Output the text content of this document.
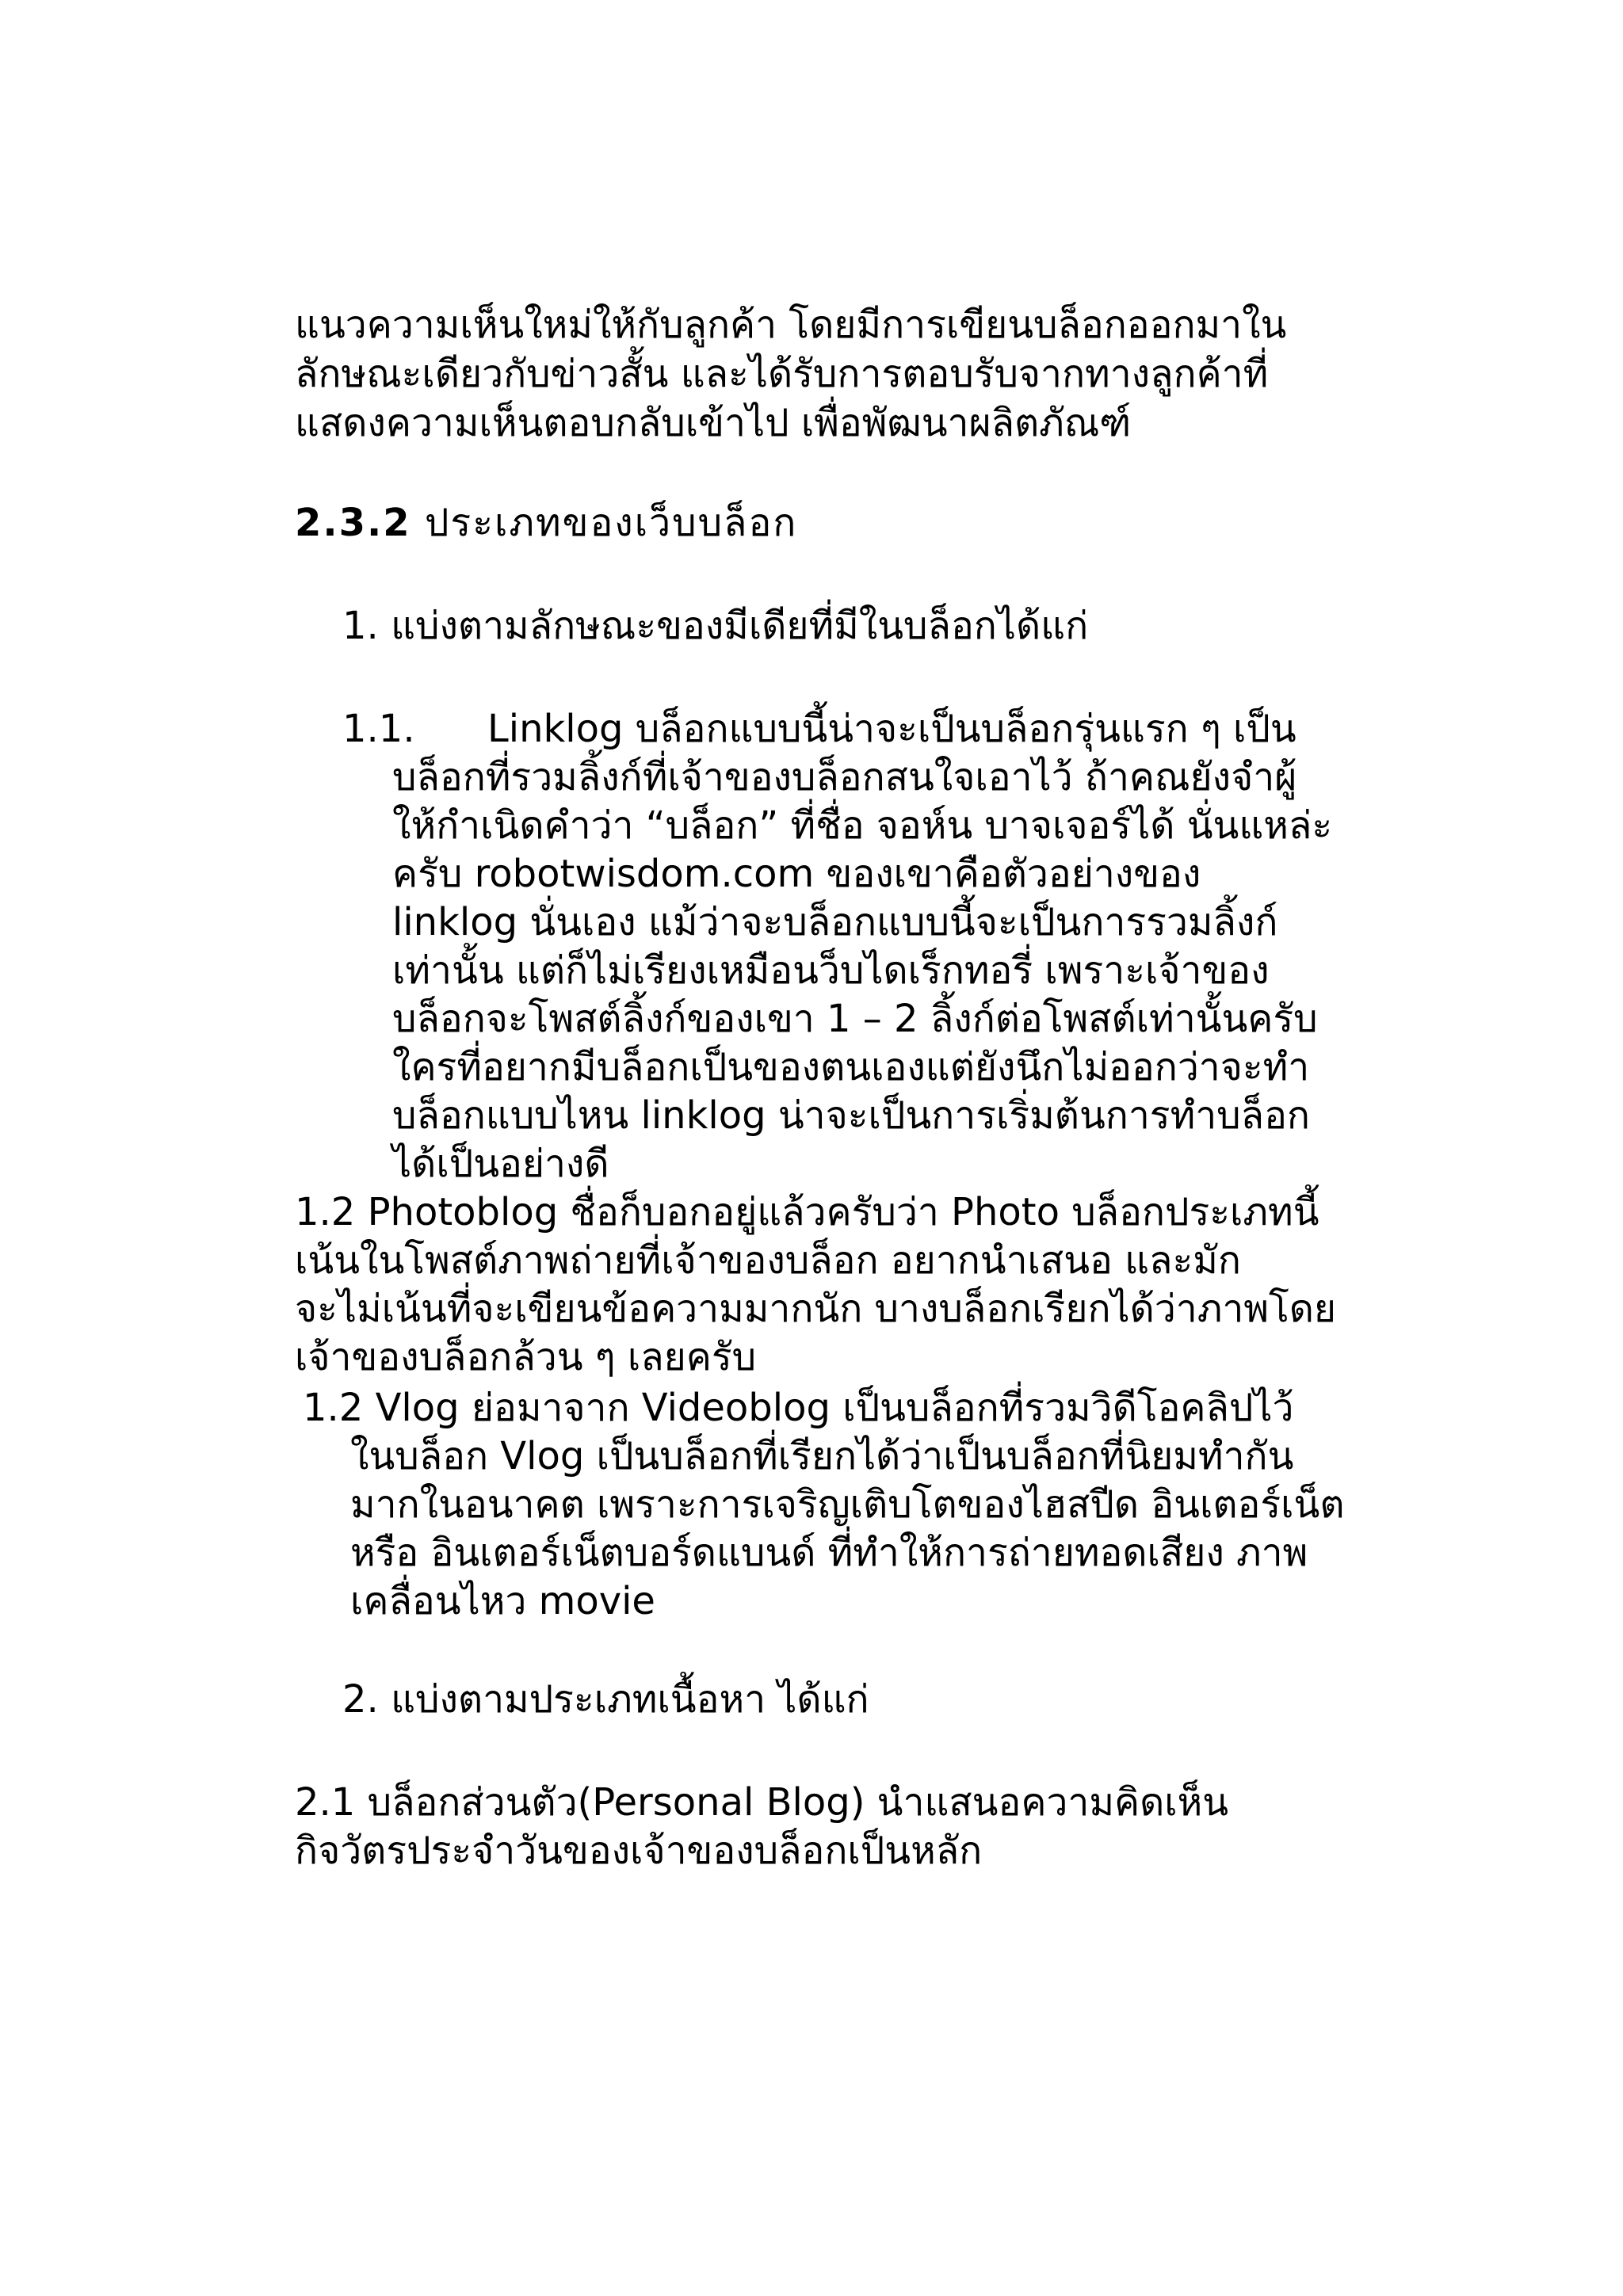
แนวความเห็นใหม่ให้กับลูกค้า โดยมีการเขียนบล็อกออกมาใน
ลักษณะเดียวกับข่าวสั้น และได้รับการตอบรับจากทางลูกค้าที่
แสดงความเห็นตอบกลับเข้าไป เพื่อพัฒนาผลิตภัณฑ์
2.3.2 ประเภทของเว็บบล็อก
1. แบ่งตามลักษณะของมีเดียที่มีในบล็อกได้แก่
1.1. Linklog บล็อกแบบนี้น่าจะเป็นบล็อกรุ่นแรก ๆ เป็น
บล็อกที่รวมลิ้งก์ที่เจ้าของบล็อกสนใจเอาไว้ ถ้าคณยังจำผู้
ให้กำเนิดคำว่า “บล็อก” ที่ชื่อ จอห์น บาจเจอร์ได้ นั่นแหล่ะ
ครับ robotwisdom.com ของเขาคือตัวอย่างของ
linklog นั่นเอง แม้ว่าจะบล็อกแบบนี้จะเป็นการรวมลิ้งก์
เท่านั้น แต่ก็ไม่เรียงเหมือนว็บไดเร็กทอรี่ เพราะเจ้าของ
บล็อกจะโพสต์ลิ้งก์ของเขา 1 – 2 ลิ้งก์ต่อโพสต์เท่านั้นครับ
ใครที่อยากมีบล็อกเป็นของตนเองแต่ยังนึกไม่ออกว่าจะทำ
บล็อกแบบไหน linklog น่าจะเป็นการเริ่มต้นการทำบล็อก
ได้เป็นอย่างดี
1.2 Photoblog ชื่อก็บอกอยู่แล้วครับว่า Photo บล็อกประเภทนี้
เน้นในโพสต์ภาพถ่ายที่เจ้าของบล็อก อยากนำเสนอ และมัก
จะไม่เน้นที่จะเขียนข้อความมากนัก บางบล็อกเรียกได้ว่าภาพโดย
เจ้าของบล็อกล้วน ๆ เลยครับ
1.2 Vlog ย่อมาจาก Videoblog เป็นบล็อกที่รวมวิดีโอคลิปไว้
ในบล็อก Vlog เป็นบล็อกที่เรียกได้ว่าเป็นบล็อกที่นิยมทำกัน
มากในอนาคต เพราะการเจริญเติบโตของไฮสปีด อินเตอร์เน็ต
หรือ อินเตอร์เน็ตบอร์ดแบนด์ ที่ทำให้การถ่ายทอดเสียง ภาพ
เคลื่อนไหว movie
2. แบ่งตามประเภทเนื้อหา ได้แก่
2.1 บล็อกส่วนตัว(Personal Blog) นำแสนอความคิดเห็น
กิจวัตรประจำวันของเจ้าของบล็อกเป็นหลัก
